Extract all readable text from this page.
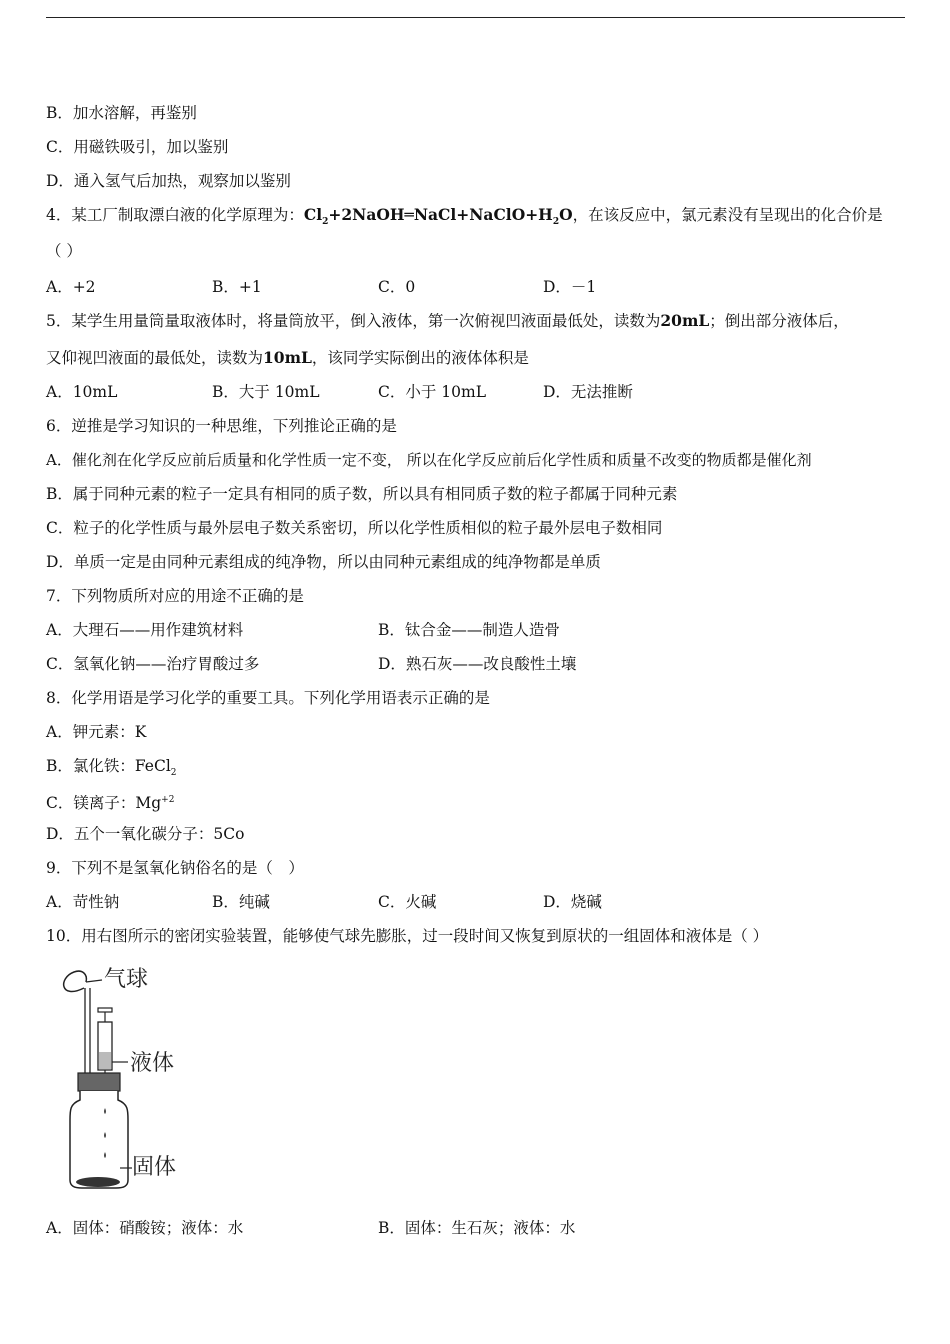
B．加水溶解，再鉴别
C．用磁铁吸引，加以鉴别
D．通入氢气后加热，观察加以鉴别
4．某工厂制取漂白液的化学原理为：$Cl_2+2NaOH═NaCl+NaClO+H_2O$，在该反应中，氯元素没有呈现出的化合价是
（ ）
A．+2	B．+1	C．0	D．－1
5．某学生用量筒量取液体时，将量筒放平，倒入液体，第一次俯视凹液面最低处，读数为20mL；倒出部分液体后，
又仰视凹液面的最低处，读数为10mL，该同学实际倒出的液体体积是
A．10mL	B．大于 10mL	C．小于 10mL	D．无法推断
6．逆推是学习知识的一种思维，下列推论正确的是
A．催化剂在化学反应前后质量和化学性质一定不变， 所以在化学反应前后化学性质和质量不改变的物质都是催化剂
B．属于同种元素的粒子一定具有相同的质子数，所以具有相同质子数的粒子都属于同种元素
C．粒子的化学性质与最外层电子数关系密切，所以化学性质相似的粒子最外层电子数相同
D．单质一定是由同种元素组成的纯净物，所以由同种元素组成的纯净物都是单质
7．下列物质所对应的用途不正确的是
A．大理石——用作建筑材料	B．钛合金——制造人造骨
C．氢氧化钠——治疗胃酸过多	D．熟石灰——改良酸性土壤
8．化学用语是学习化学的重要工具。下列化学用语表示正确的是
A．钾元素：K
B．氯化铁：FeCl$_2$
C．镁离子：$Mg^{+2}$
D．五个一氧化碳分子：5Co
9．下列不是氢氧化钠俗名的是（　）
A．苛性钠	B．纯碱	C．火碱	D．烧碱
10．用右图所示的密闭实验装置，能够使气球先膨胀，过一段时间又恢复到原状的一组固体和液体是（ ）
气球
液体
固体
A．固体：硝酸铵；液体：水	B．固体：生石灰；液体：水
